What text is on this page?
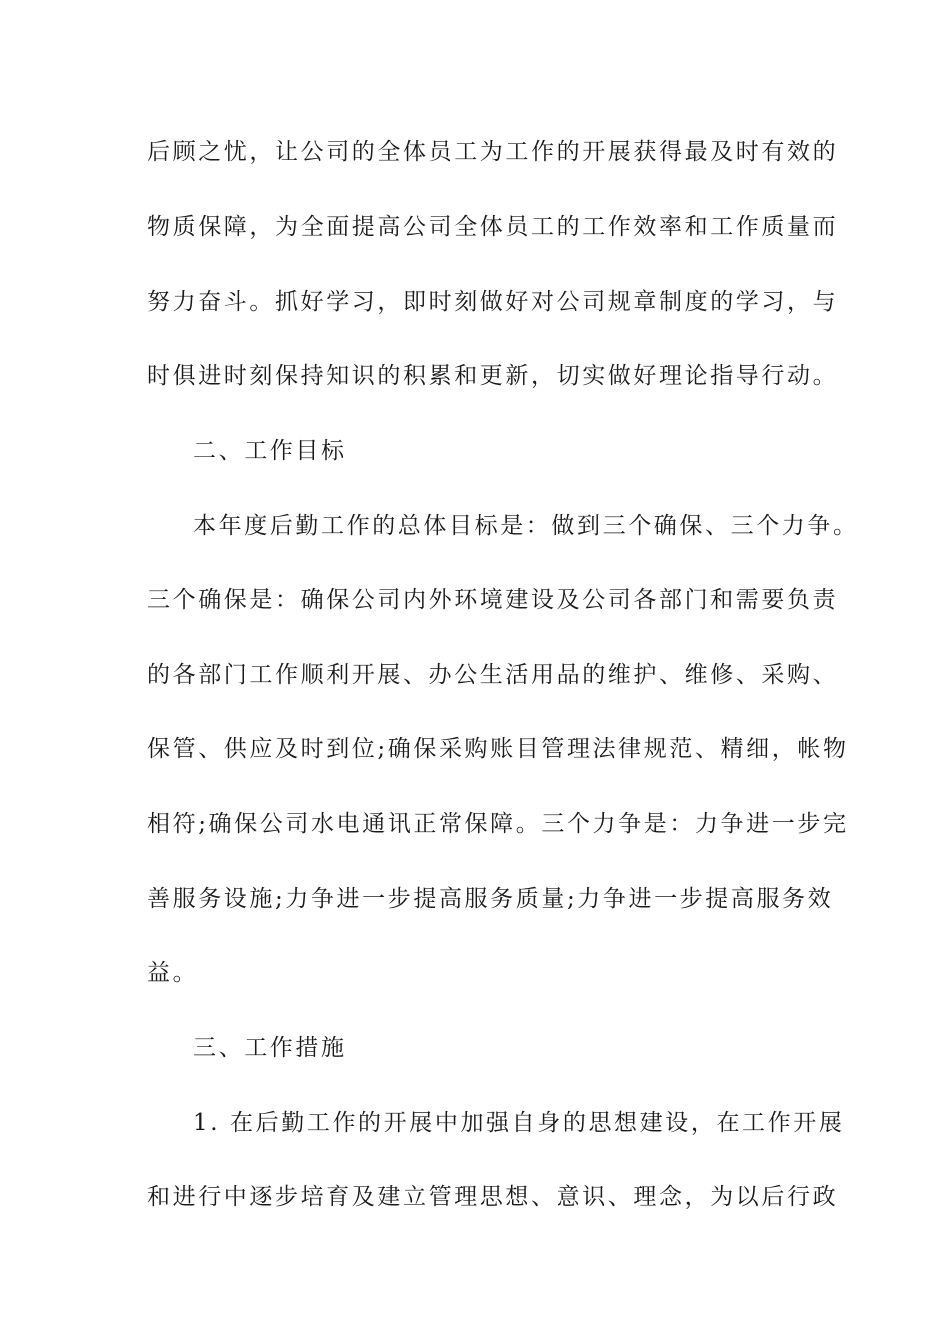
后顾之忧，让公司的全体员工为工作的开展获得最及时有效的
物质保障，为全面提高公司全体员工的工作效率和工作质量而
努力奋斗。抓好学习，即时刻做好对公司规章制度的学习，与
时俱进时刻保持知识的积累和更新，切实做好理论指导行动。
二、工作目标
本年度后勤工作的总体目标是：做到三个确保、三个力争。
三个确保是：确保公司内外环境建设及公司各部门和需要负责
的各部门工作顺利开展、办公生活用品的维护、维修、采购、
保管、供应及时到位;确保采购账目管理法律规范、精细，帐物
相符;确保公司水电通讯正常保障。三个力争是：力争进一步完
善服务设施;力争进一步提高服务质量;力争进一步提高服务效
益。
三、工作措施
1. 在后勤工作的开展中加强自身的思想建设，在工作开展
和进行中逐步培育及建立管理思想、意识、理念，为以后行政
